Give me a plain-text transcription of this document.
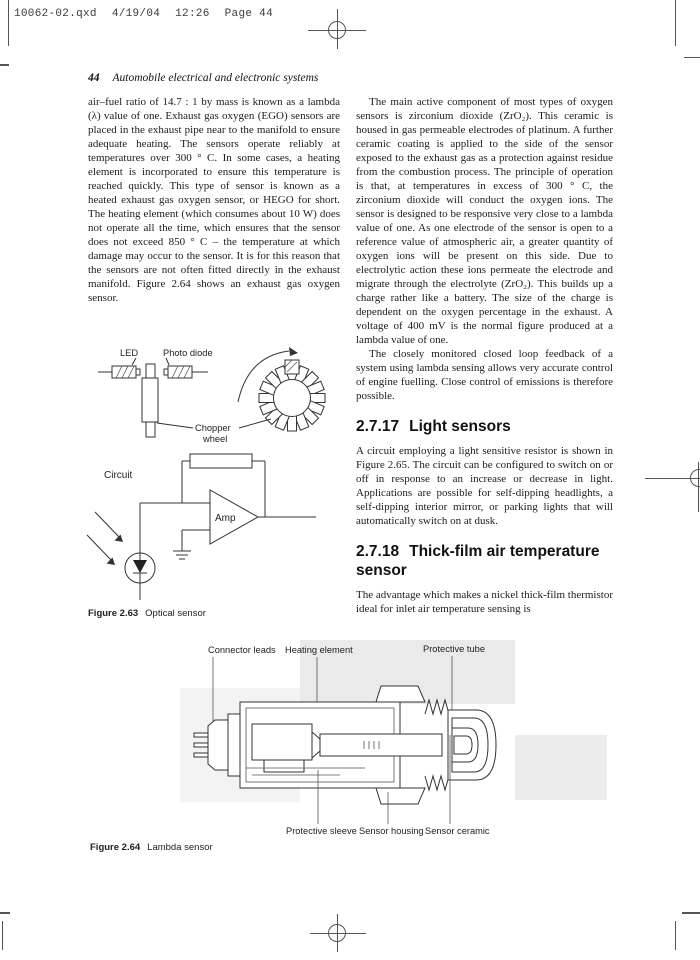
10062-02.qxd 4/19/04 12:26 Page 44
44 Automobile electrical and electronic systems

air–fuel ratio of 14.7 : 1 by mass is known as a lambda (λ) value of one. Exhaust gas oxygen (EGO) sensors are placed in the exhaust pipe near to the manifold to ensure adequate heating. The sensors operate reliably at temperatures over 300 ° C. In some cases, a heating element is incorporated to ensure this temperature is reached quickly. This type of sensor is known as a heated exhaust gas oxygen sensor, or HEGO for short. The heating element (which consumes about 10 W) does not operate all the time, which ensures that the sensor does not exceed 850 ° C – the temperature at which damage may occur to the sensor. It is for this reason that the sensors are not often fitted directly in the exhaust manifold. Figure 2.64 shows an exhaust gas oxygen sensor.

LED	Photo diode
Chopper
wheel
Circuit
Amp
Figure 2.63 Optical sensor

The main active component of most types of oxygen sensors is zirconium dioxide (ZrO₂). This ceramic is housed in gas permeable electrodes of platinum. A further ceramic coating is applied to the side of the sensor exposed to the exhaust gas as a protection against residue from the combustion process. The principle of operation is that, at temperatures in excess of 300 ° C, the zirconium dioxide will conduct the oxygen ions. The sensor is designed to be responsive very close to a lambda value of one. As one electrode of the sensor is open to a reference value of atmospheric air, a greater quantity of oxygen ions will be present on this side. Due to electrolytic action these ions permeate the electrode and migrate through the electrolyte (ZrO₂). This builds up a charge rather like a battery. The size of the charge is dependent on the oxygen percentage in the exhaust. A voltage of 400 mV is the normal figure produced at a lambda value of one.

The closely monitored closed loop feedback of a system using lambda sensing allows very accurate control of engine fuelling. Close control of emissions is therefore possible.

2.7.17 Light sensors

A circuit employing a light sensitive resistor is shown in Figure 2.65. The circuit can be configured to switch on or off in response to an increase or decrease in light. Applications are possible for self-dipping headlights, a self-dipping interior mirror, or parking lights that will automatically switch on at dusk.

2.7.18 Thick-film air temperature sensor

The advantage which makes a nickel thick-film thermistor ideal for inlet air temperature sensing is

Connector leads Heating element	Protective tube
Protective sleeve Sensor housing Sensor ceramic
Figure 2.64 Lambda sensor
